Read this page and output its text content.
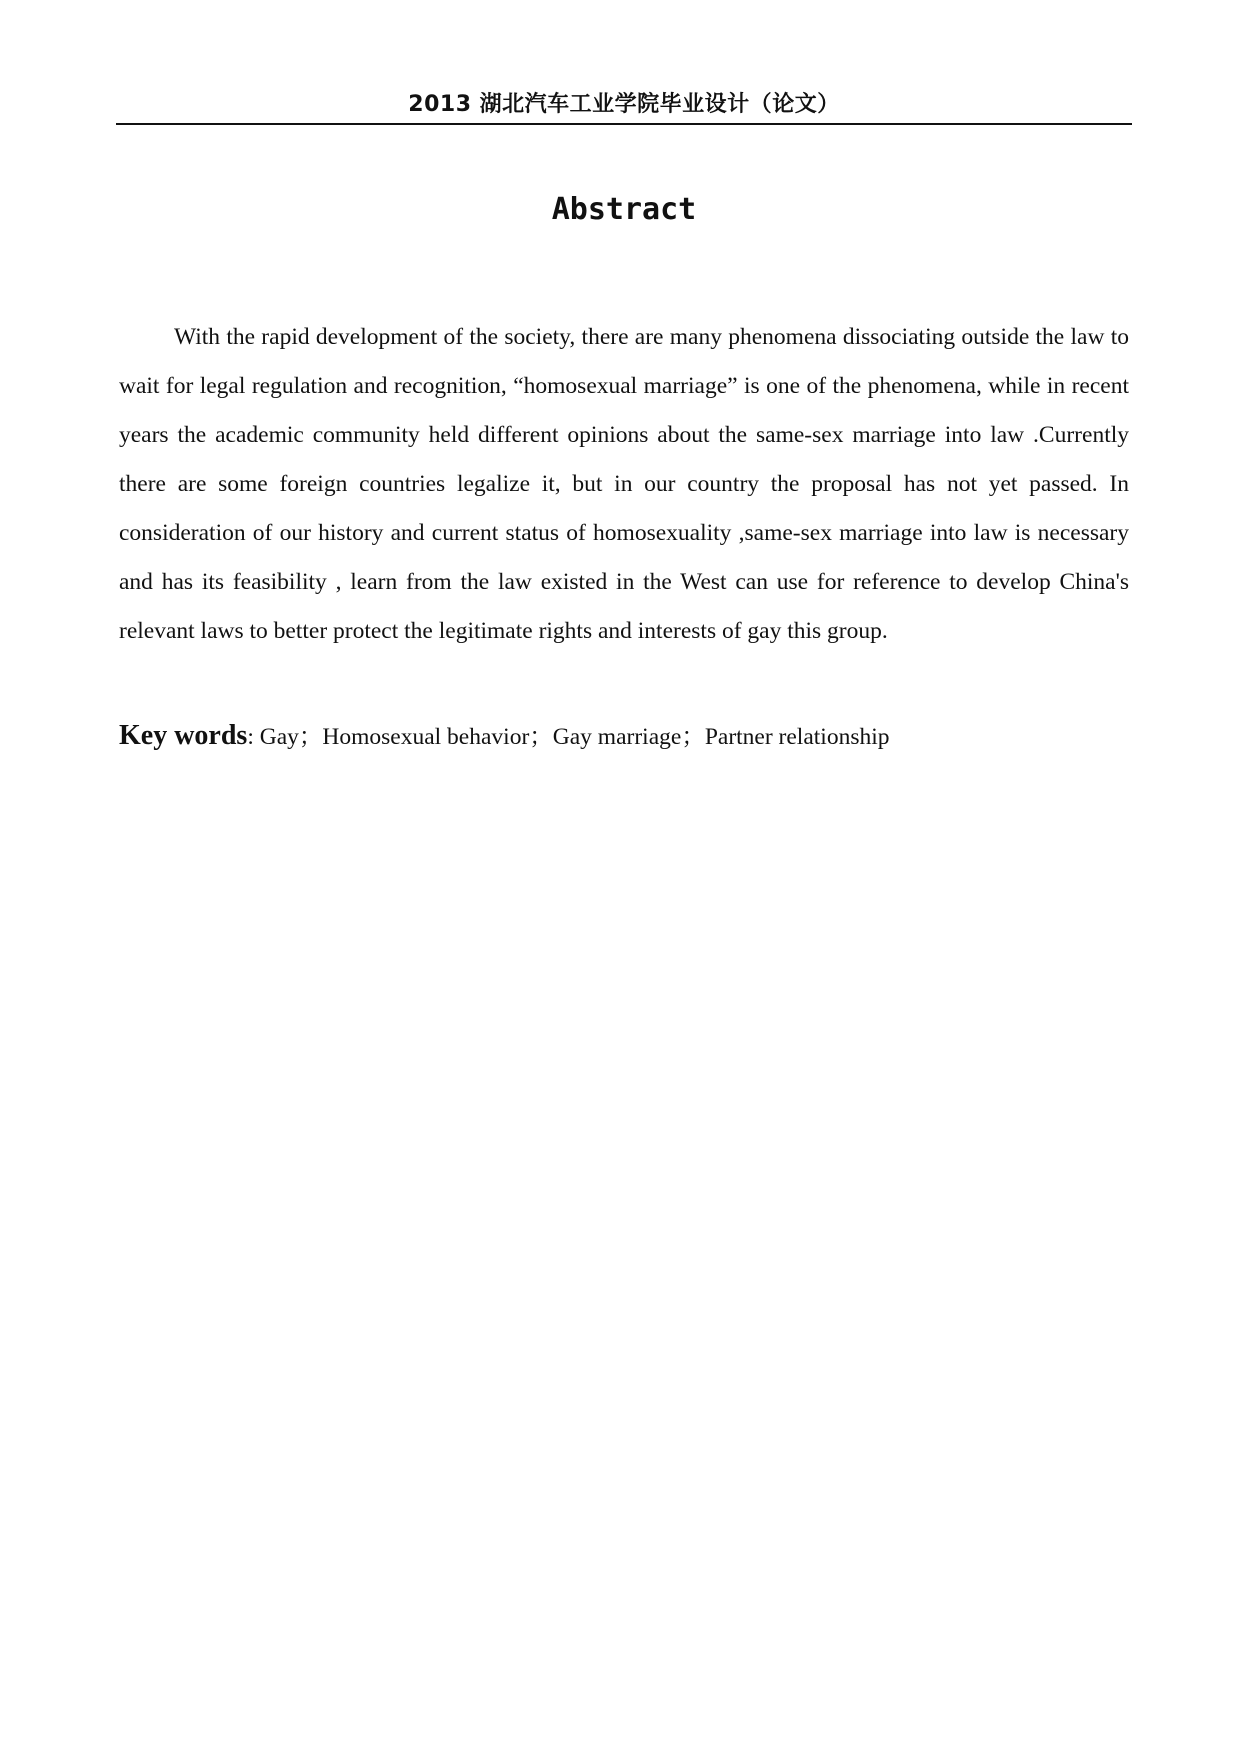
2013 湖北汽车工业学院毕业设计（论文）
Abstract

With the rapid development of the society, there are many phenomena dissociating outside the law to wait for legal regulation and recognition, “homosexual marriage” is one of the phenomena, while in recent years the academic community held different opinions about the same-sex marriage into law .Currently there are some foreign countries legalize it, but in our country the proposal has not yet passed. In consideration of our history and current status of homosexuality ,same-sex marriage into law is necessary and has its feasibility , learn from the law existed in the West can use for reference to develop China's relevant laws to better protect the legitimate rights and interests of gay this group.

Key words: Gay；Homosexual behavior；Gay marriage；Partner relationship
